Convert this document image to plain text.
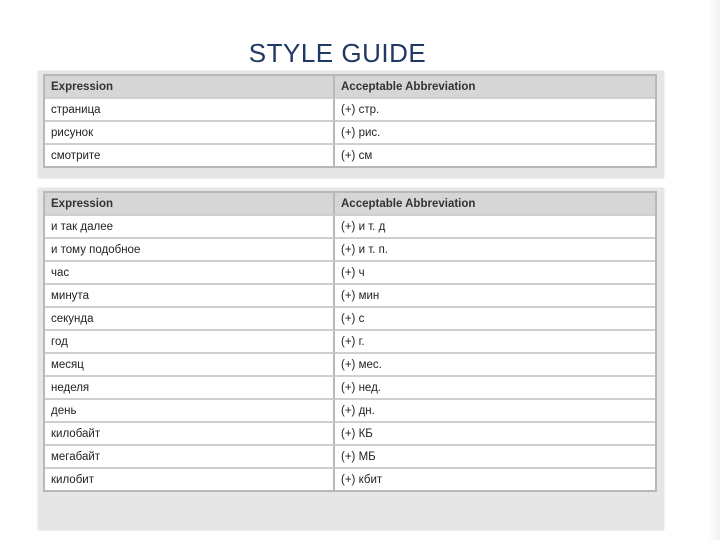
STYLE GUIDE
Expression	Acceptable Abbreviation
страница	(+) стр.
рисунок	(+) рис.
смотрите	(+) см
Expression	Acceptable Abbreviation
и так далее	(+) и т. д
и тому подобное	(+) и т. п.
час	(+) ч
минута	(+) мин
секунда	(+) с
год	(+) г.
месяц	(+) мес.
неделя	(+) нед.
день	(+) дн.
килобайт	(+) КБ
мегабайт	(+) МБ
килобит	(+) кбит
